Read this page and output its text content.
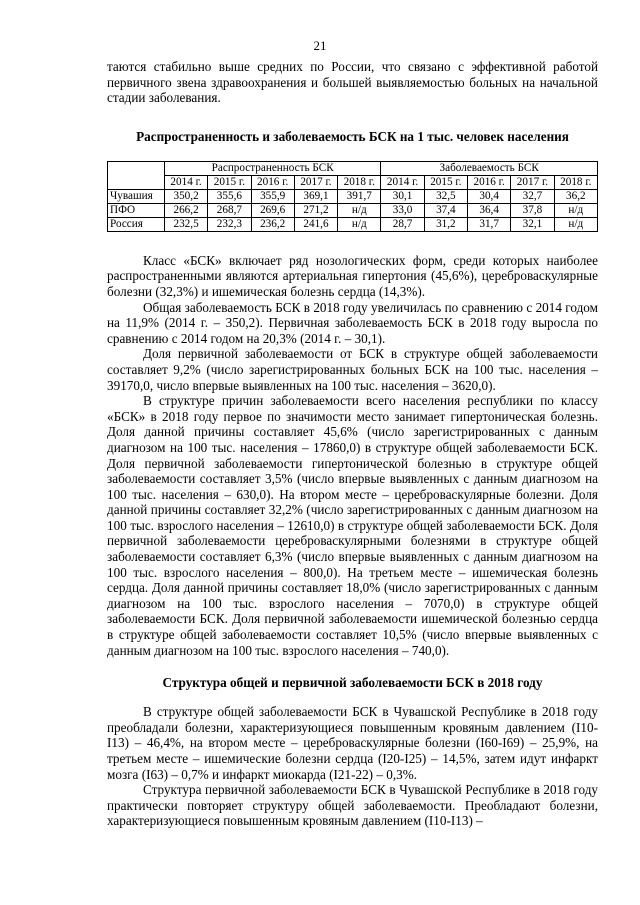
21

таются стабильно выше средних по России, что связано с эффективной работой первичного звена здравоохранения и большей выявляемостью больных на начальной стадии заболевания.

Распространенность и заболеваемость БСК на 1 тыс. человек населения

	Распространенность БСК					Заболеваемость БСК				
	2014 г.	2015 г.	2016 г.	2017 г.	2018 г.	2014 г.	2015 г.	2016 г.	2017 г.	2018 г.
Чувашия	350,2	355,6	355,9	369,1	391,7	30,1	32,5	30,4	32,7	36,2
ПФО	266,2	268,7	269,6	271,2	н/д	33,0	37,4	36,4	37,8	н/д
Россия	232,5	232,3	236,2	241,6	н/д	28,7	31,2	31,7	32,1	н/д

Класс «БСК» включает ряд нозологических форм, среди которых наиболее распространенными являются артериальная гипертония (45,6%), цереброваскулярные болезни (32,3%) и ишемическая болезнь сердца (14,3%).

Общая заболеваемость БСК в 2018 году увеличилась по сравнению с 2014 годом на 11,9% (2014 г. – 350,2). Первичная заболеваемость БСК в 2018 году выросла по сравнению с 2014 годом на 20,3% (2014 г. – 30,1).

Доля первичной заболеваемости от БСК в структуре общей заболеваемости составляет 9,2% (число зарегистрированных больных БСК на 100 тыс. населения – 39170,0, число впервые выявленных на 100 тыс. населения – 3620,0).

В структуре причин заболеваемости всего населения республики по классу «БСК» в 2018 году первое по значимости место занимает гипертоническая болезнь. Доля данной причины составляет 45,6% (число зарегистрированных с данным диагнозом на 100 тыс. населения – 17860,0) в структуре общей заболеваемости БСК. Доля первичной заболеваемости гипертонической болезнью в структуре общей заболеваемости составляет 3,5% (число впервые выявленных с данным диагнозом на 100 тыс. населения – 630,0). На втором месте – цереброваскулярные болезни. Доля данной причины составляет 32,2% (число зарегистрированных с данным диагнозом на 100 тыс. взрослого населения – 12610,0) в структуре общей заболеваемости БСК. Доля первичной заболеваемости цереброваскулярными болезнями в структуре общей заболеваемости составляет 6,3% (число впервые выявленных с данным диагнозом на 100 тыс. взрослого населения – 800,0). На третьем месте – ишемическая болезнь сердца. Доля данной причины составляет 18,0% (число зарегистрированных с данным диагнозом на 100 тыс. взрослого населения – 7070,0) в структуре общей заболеваемости БСК. Доля первичной заболеваемости ишемической болезнью сердца в структуре общей заболеваемости составляет 10,5% (число впервые выявленных с данным диагнозом на 100 тыс. взрослого населения – 740,0).

Структура общей и первичной заболеваемости БСК в 2018 году

В структуре общей заболеваемости БСК в Чувашской Республике в 2018 году преобладали болезни, характеризующиеся повышенным кровяным давлением (I10-I13) – 46,4%, на втором месте – цереброваскулярные болезни (I60-I69) – 25,9%, на третьем месте – ишемические болезни сердца (I20-I25) – 14,5%, затем идут инфаркт мозга (I63) – 0,7% и инфаркт миокарда (I21-22) – 0,3%.

Структура первичной заболеваемости БСК в Чувашской Республике в 2018 году практически повторяет структуру общей заболеваемости. Преобладают болезни, характеризующиеся повышенным кровяным давлением (I10-I13) –
